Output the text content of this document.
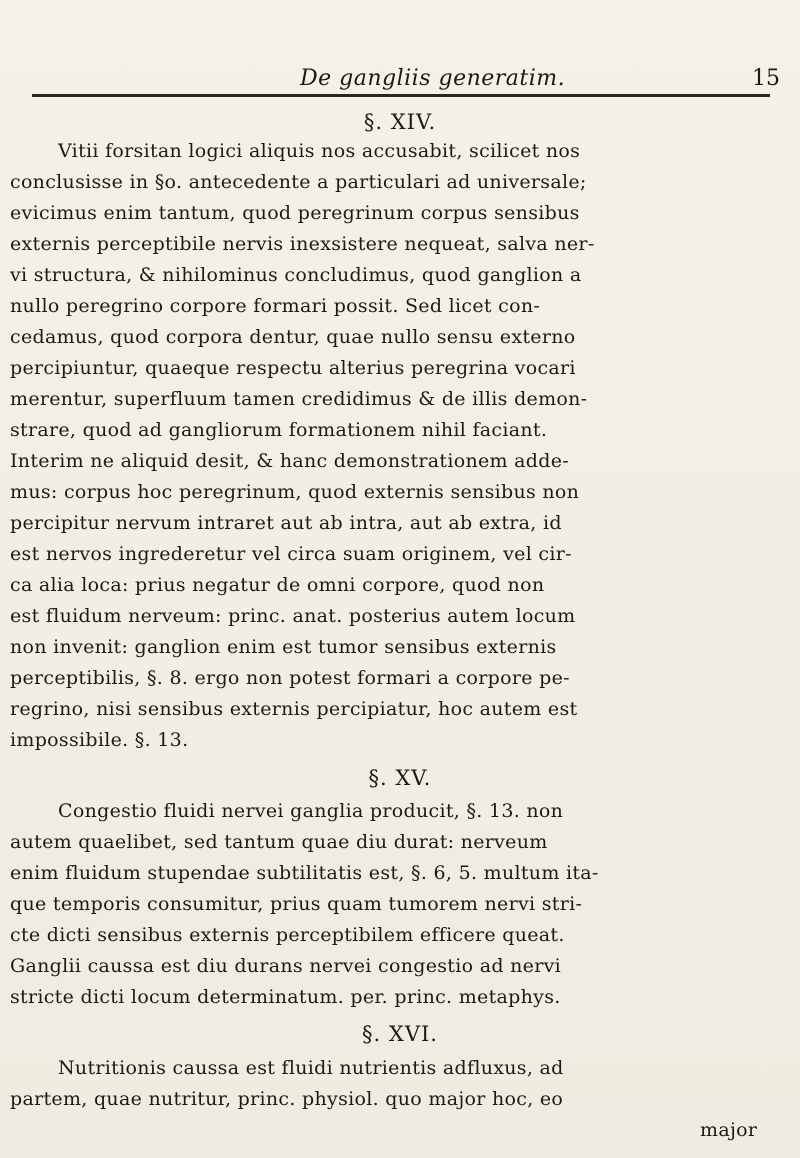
De gangliis generatim.	15
§. XIV.
Vitii forsitan logici aliquis nos accusabit, scilicet nos
conclusisse in §o. antecedente a particulari ad universale;
evicimus enim tantum, quod peregrinum corpus sensibus
externis perceptibile nervis inexsistere nequeat, salva ner-
vi structura, & nihilominus concludimus, quod ganglion a
nullo peregrino corpore formari possit. Sed licet con-
cedamus, quod corpora dentur, quae nullo sensu externo
percipiuntur, quaeque respectu alterius peregrina vocari
merentur, superfluum tamen credidimus & de illis demon-
strare, quod ad gangliorum formationem nihil faciant.
Interim ne aliquid desit, & hanc demonstrationem adde-
mus: corpus hoc peregrinum, quod externis sensibus non
percipitur nervum intraret aut ab intra, aut ab extra, id
est nervos ingrederetur vel circa suam originem, vel cir-
ca alia loca: prius negatur de omni corpore, quod non
est fluidum nerveum: princ. anat. posterius autem locum
non invenit: ganglion enim est tumor sensibus externis
perceptibilis, §. 8. ergo non potest formari a corpore pe-
regrino, nisi sensibus externis percipiatur, hoc autem est
impossibile. §. 13.
§. XV.
Congestio fluidi nervei ganglia producit, §. 13. non
autem quaelibet, sed tantum quae diu durat: nerveum
enim fluidum stupendae subtilitatis est, §. 6, 5. multum ita-
que temporis consumitur, prius quam tumorem nervi stri-
cte dicti sensibus externis perceptibilem efficere queat.
Ganglii caussa est diu durans nervei congestio ad nervi
stricte dicti locum determinatum. per. princ. metaphys.
§. XVI.
Nutritionis caussa est fluidi nutrientis adfluxus, ad
partem, quae nutritur, princ. physiol. quo major hoc, eo
major
